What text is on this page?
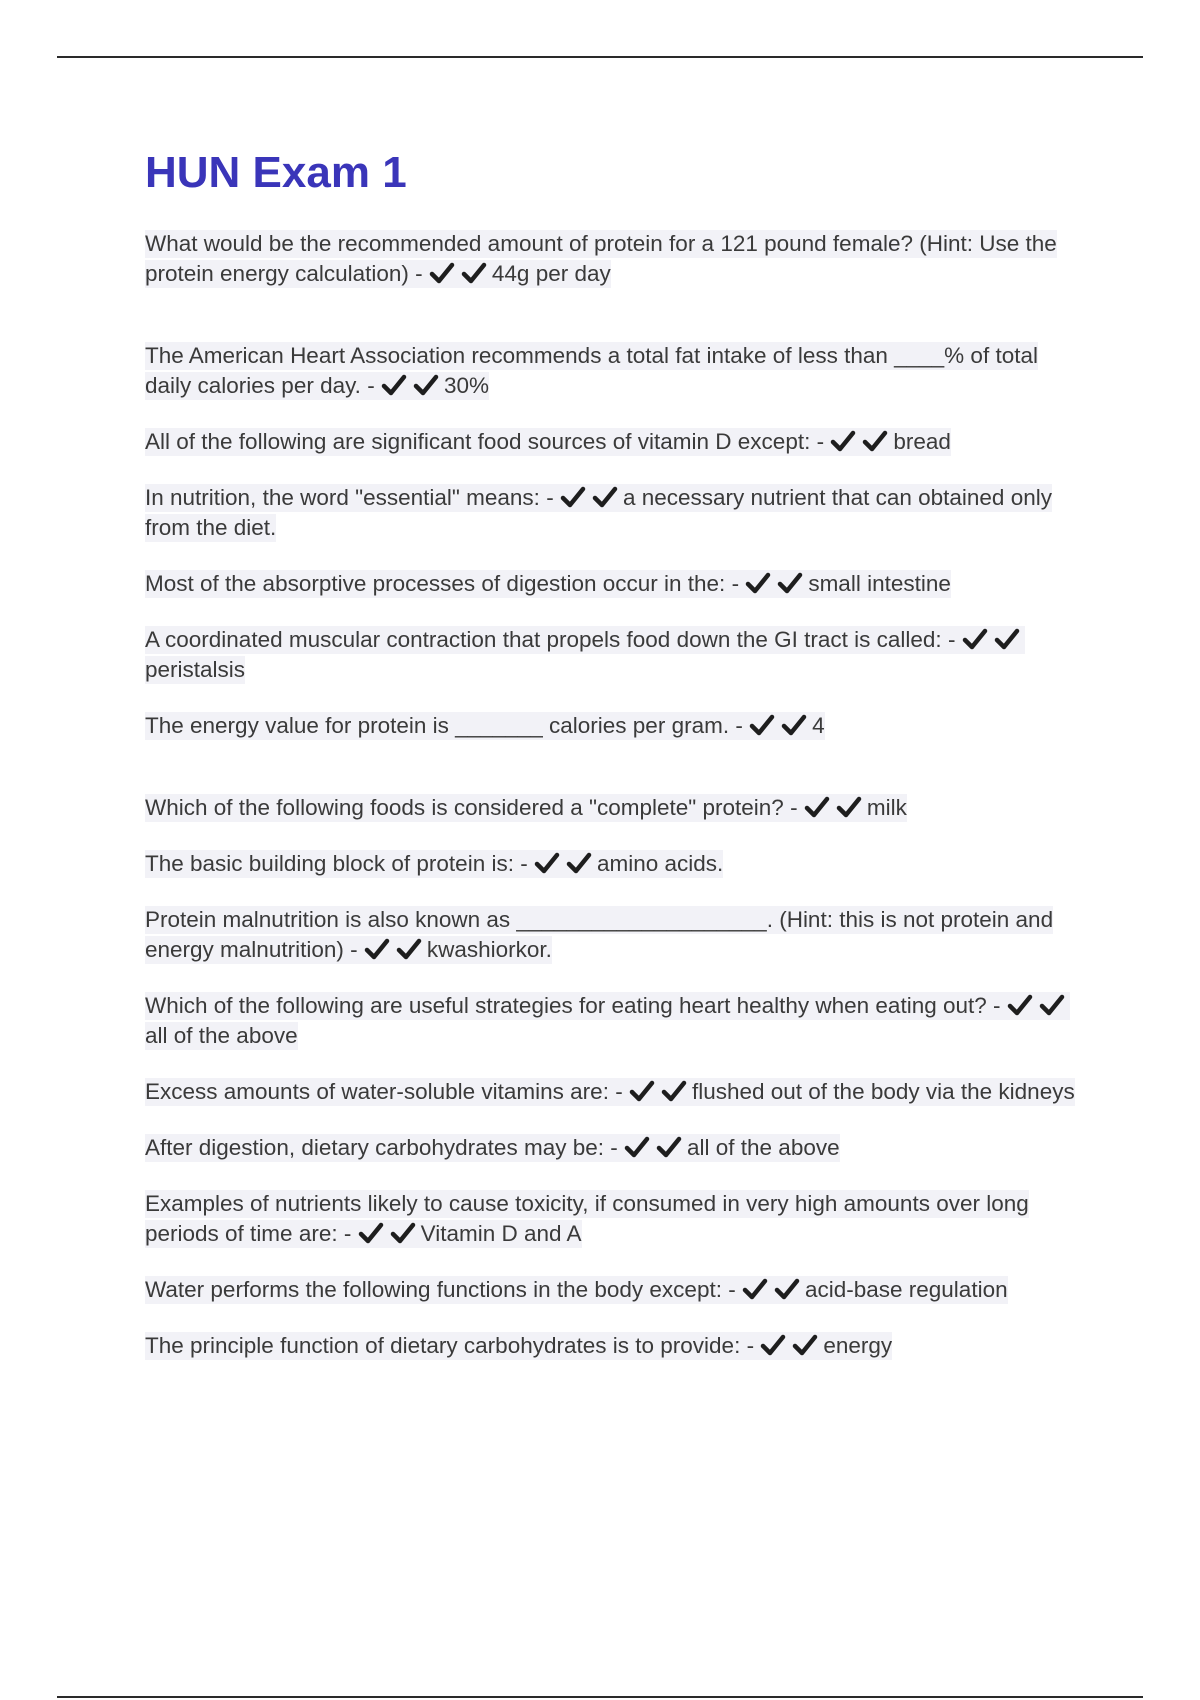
HUN Exam 1

What would be the recommended amount of protein for a 121 pound female? (Hint: Use the protein energy calculation) -	44g per day

The American Heart Association recommends a total fat intake of less than ____% of total daily calories per day. -	30%

All of the following are significant food sources of vitamin D except: -	bread

In nutrition, the word "essential" means: -	a necessary nutrient that can obtained only from the diet.

Most of the absorptive processes of digestion occur in the: -	small intestine

A coordinated muscular contraction that propels food down the GI tract is called: -
peristalsis

The energy value for protein is _______ calories per gram. -	4

Which of the following foods is considered a "complete" protein? -	milk

The basic building block of protein is: -	amino acids.

Protein malnutrition is also known as ____________________. (Hint: this is not protein and energy malnutrition) -	kwashiorkor.

Which of the following are useful strategies for eating heart healthy when eating out? -
all of the above

Excess amounts of water-soluble vitamins are: -	flushed out of the body via the kidneys

After digestion, dietary carbohydrates may be: -	all of the above

Examples of nutrients likely to cause toxicity, if consumed in very high amounts over long periods of time are: -	Vitamin D and A

Water performs the following functions in the body except: -	acid-base regulation

The principle function of dietary carbohydrates is to provide: -	energy
